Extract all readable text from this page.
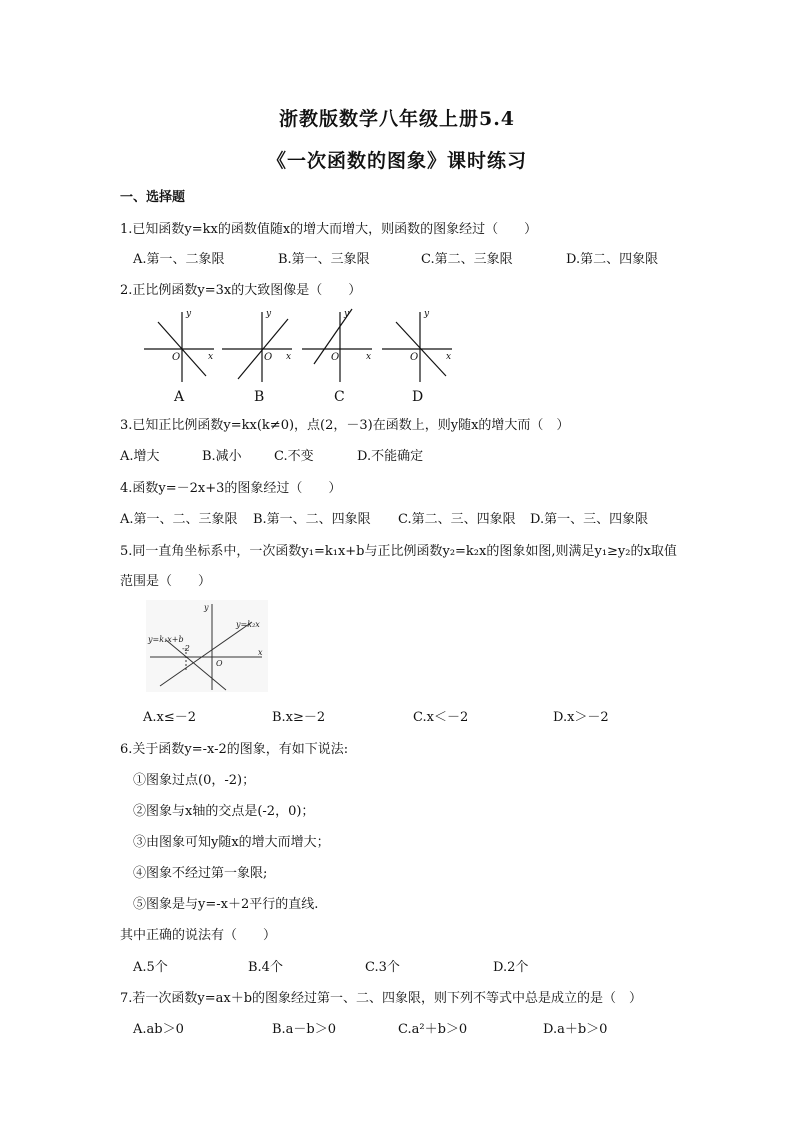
浙教版数学八年级上册5.4
《一次函数的图象》课时练习
一、选择题
1.已知函数y=kx的函数值随x的增大而增大，则函数的图象经过（　　）
A.第一、二象限	B.第一、三象限	C.第二、三象限	D.第二、四象限
2.正比例函数y=3x的大致图像是（　　）
y
x
O
y
x
O
y
x
O
y
x
O
A	B	C	D
3.已知正比例函数y=kx(k≠0)，点(2，－3)在函数上，则y随x的增大而（　）
A.增大	B.减小 C.不变	D.不能确定
4.函数y=－2x+3的图象经过（　　）
A.第一、二、三象限 B.第一、二、四象限 C.第二、三、四象限 D.第一、三、四象限
5.同一直角坐标系中，一次函数y₁=k₁x+b与正比例函数y₂=k₂x的图象如图,则满足y₁≥y₂的x取值
范围是（　　）
y=k₁x+b
y=k₂x
-2	x
y
O
A.x≤－2	B.x≥－2	C.x＜－2	D.x＞－2
6.关于函数y=-x-2的图象，有如下说法:
①图象过点(0，-2)；
②图象与x轴的交点是(-2，0)；
③由图象可知y随x的增大而增大；
④图象不经过第一象限;
⑤图象是与y=-x＋2平行的直线.
其中正确的说法有（　　）
A.5个	B.4个	C.3个	D.2个
7.若一次函数y=ax＋b的图象经过第一、二、四象限，则下列不等式中总是成立的是（　）
A.ab＞0	B.a－b＞0	C.a²＋b＞0	D.a＋b＞0
